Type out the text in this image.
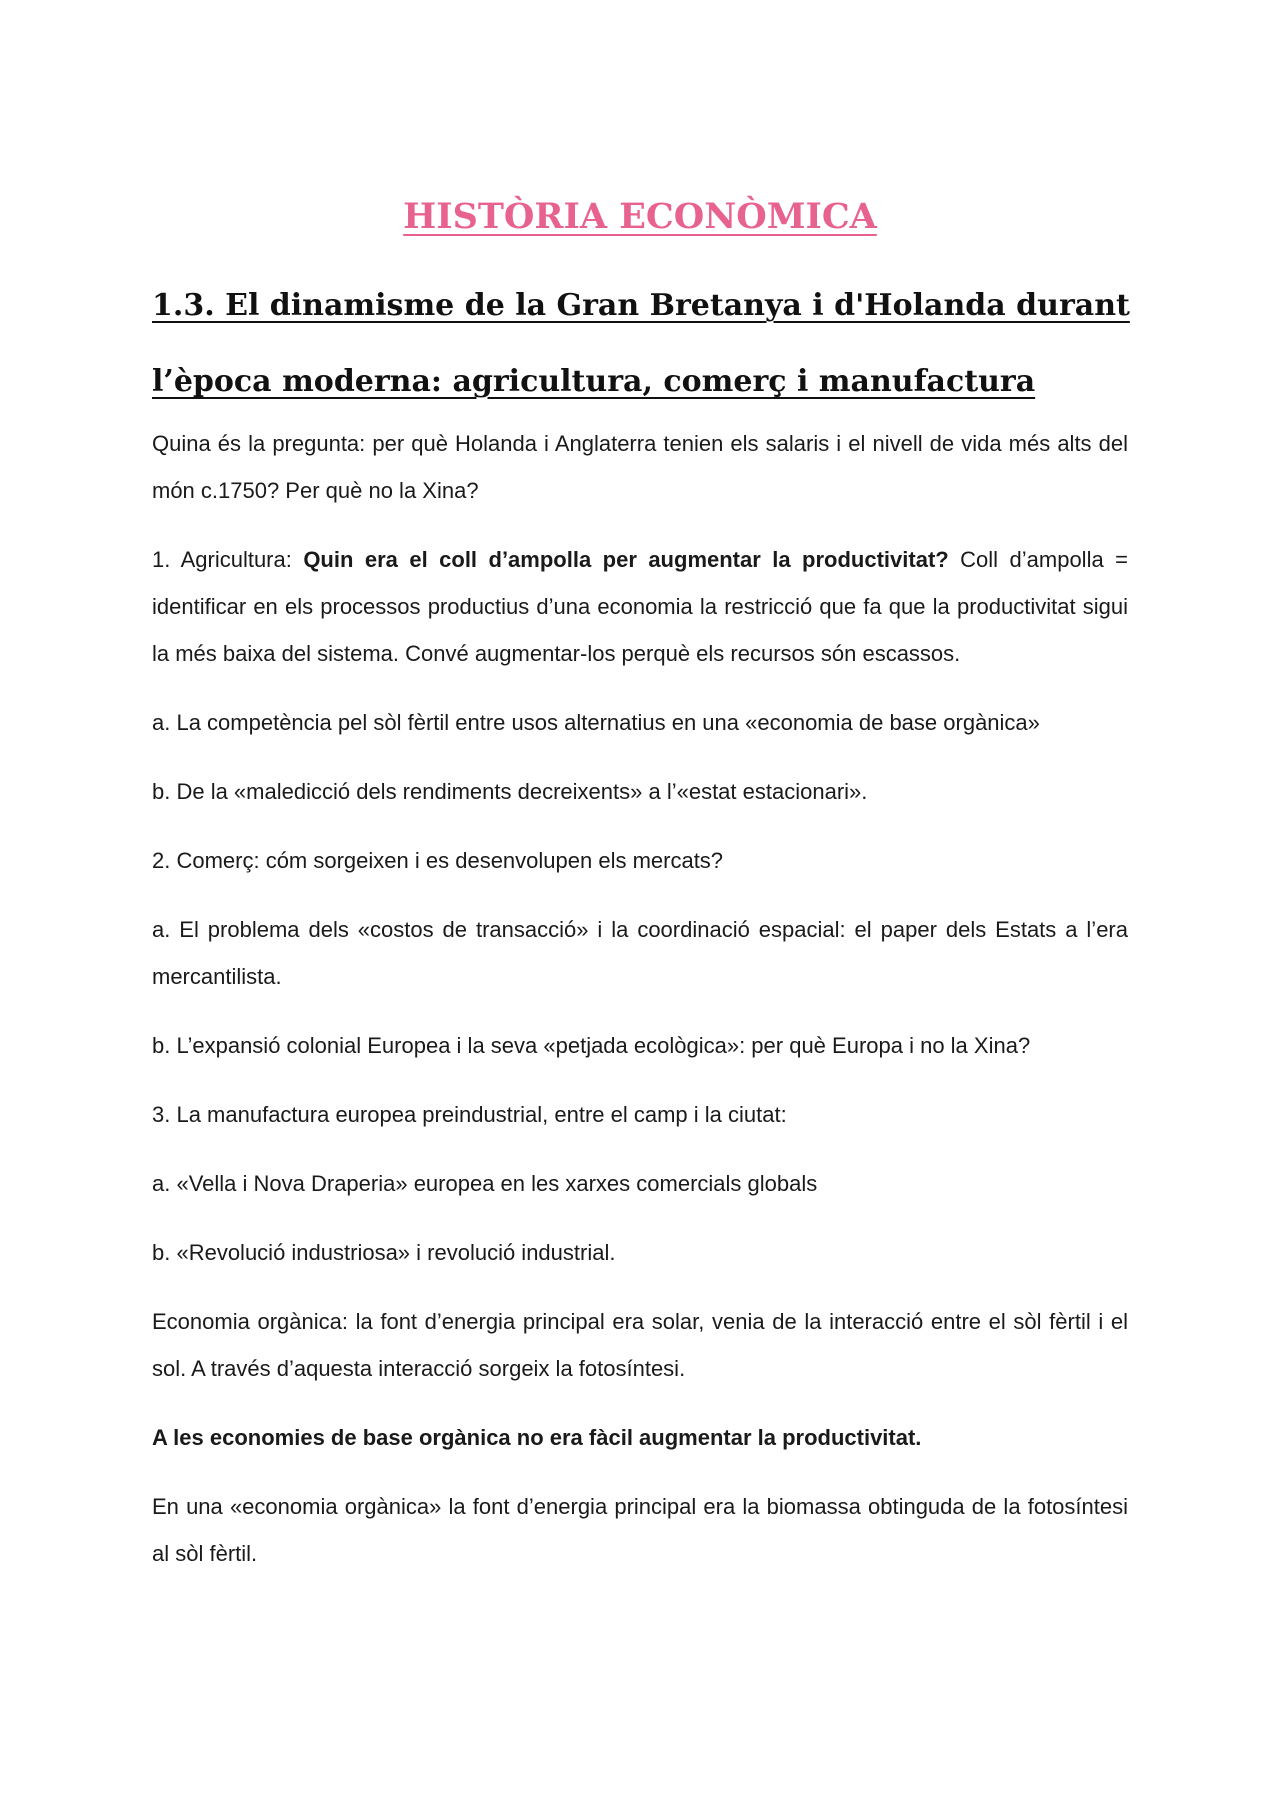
HISTÒRIA ECONÒMICA
1.3. El dinamisme de la Gran Bretanya i d'Holanda durant l’època moderna: agricultura, comerç i manufactura

Quina és la pregunta: per què Holanda i Anglaterra tenien els salaris i el nivell de vida més alts del món c.1750? Per què no la Xina?

1. Agricultura: Quin era el coll d’ampolla per augmentar la productivitat? Coll d’ampolla = identificar en els processos productius d’una economia la restricció que fa que la productivitat sigui la més baixa del sistema. Convé augmentar-los perquè els recursos són escassos.

a. La competència pel sòl fèrtil entre usos alternatius en una «economia de base orgànica»

b. De la «maledicció dels rendiments decreixents» a l’«estat estacionari».

2. Comerç: cóm sorgeixen i es desenvolupen els mercats?

a. El problema dels «costos de transacció» i la coordinació espacial: el paper dels Estats a l’era mercantilista.

b. L’expansió colonial Europea i la seva «petjada ecològica»: per què Europa i no la Xina?

3. La manufactura europea preindustrial, entre el camp i la ciutat:

a. «Vella i Nova Draperia» europea en les xarxes comercials globals

b. «Revolució industriosa» i revolució industrial.

Economia orgànica: la font d’energia principal era solar, venia de la interacció entre el sòl fèrtil i el sol. A través d’aquesta interacció sorgeix la fotosíntesi.

A les economies de base orgànica no era fàcil augmentar la productivitat.

En una «economia orgànica» la font d’energia principal era la biomassa obtinguda de la fotosíntesi al sòl fèrtil.
